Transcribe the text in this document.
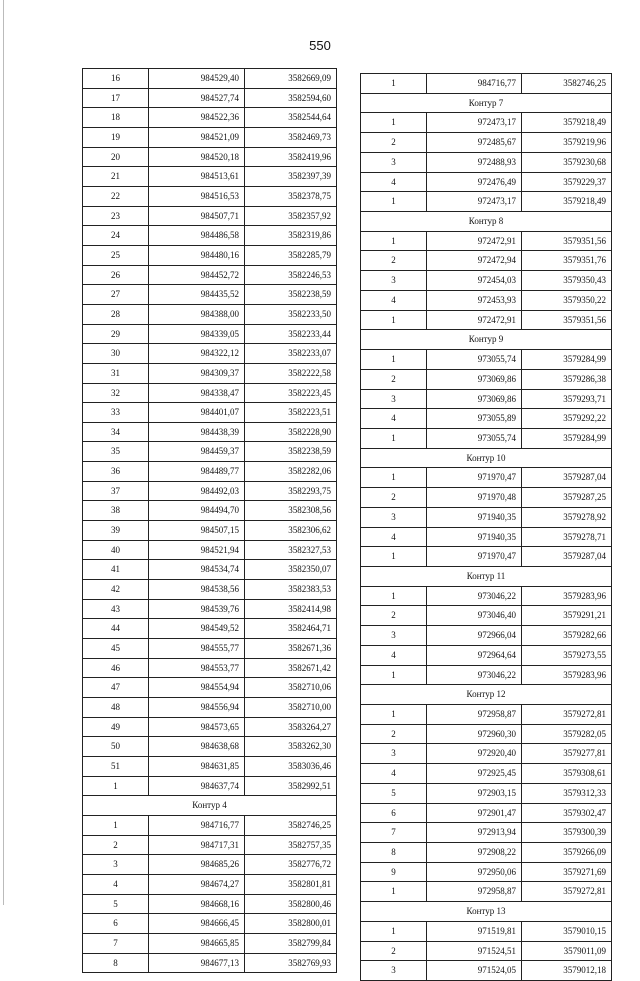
550
16	984529,40	3582669,09
17	984527,74	3582594,60
18	984522,36	3582544,64
19	984521,09	3582469,73
20	984520,18	3582419,96
21	984513,61	3582397,39
22	984516,53	3582378,75
23	984507,71	3582357,92
24	984486,58	3582319,86
25	984480,16	3582285,79
26	984452,72	3582246,53
27	984435,52	3582238,59
28	984388,00	3582233,50
29	984339,05	3582233,44
30	984322,12	3582233,07
31	984309,37	3582222,58
32	984338,47	3582223,45
33	984401,07	3582223,51
34	984438,39	3582228,90
35	984459,37	3582238,59
36	984489,77	3582282,06
37	984492,03	3582293,75
38	984494,70	3582308,56
39	984507,15	3582306,62
40	984521,94	3582327,53
41	984534,74	3582350,07
42	984538,56	3582383,53
43	984539,76	3582414,98
44	984549,52	3582464,71
45	984555,77	3582671,36
46	984553,77	3582671,42
47	984554,94	3582710,06
48	984556,94	3582710,00
49	984573,65	3583264,27
50	984638,68	3583262,30
51	984631,85	3583036,46
1	984637,74	3582992,51
Контур 4		
1	984716,77	3582746,25
2	984717,31	3582757,35
3	984685,26	3582776,72
4	984674,27	3582801,81
5	984668,16	3582800,46
6	984666,45	3582800,01
7	984665,85	3582799,84
8	984677,13	3582769,93
1	984716,77	3582746,25
Контур 7		
1	972473,17	3579218,49
2	972485,67	3579219,96
3	972488,93	3579230,68
4	972476,49	3579229,37
1	972473,17	3579218,49
Контур 8		
1	972472,91	3579351,56
2	972472,94	3579351,76
3	972454,03	3579350,43
4	972453,93	3579350,22
1	972472,91	3579351,56
Контур 9		
1	973055,74	3579284,99
2	973069,86	3579286,38
3	973069,86	3579293,71
4	973055,89	3579292,22
1	973055,74	3579284,99
Контур 10		
1	971970,47	3579287,04
2	971970,48	3579287,25
3	971940,35	3579278,92
4	971940,35	3579278,71
1	971970,47	3579287,04
Контур 11		
1	973046,22	3579283,96
2	973046,40	3579291,21
3	972966,04	3579282,66
4	972964,64	3579273,55
1	973046,22	3579283,96
Контур 12		
1	972958,87	3579272,81
2	972960,30	3579282,05
3	972920,40	3579277,81
4	972925,45	3579308,61
5	972903,15	3579312,33
6	972901,47	3579302,47
7	972913,94	3579300,39
8	972908,22	3579266,09
9	972950,06	3579271,69
1	972958,87	3579272,81
Контур 13		
1	971519,81	3579010,15
2	971524,51	3579011,09
3	971524,05	3579012,18
